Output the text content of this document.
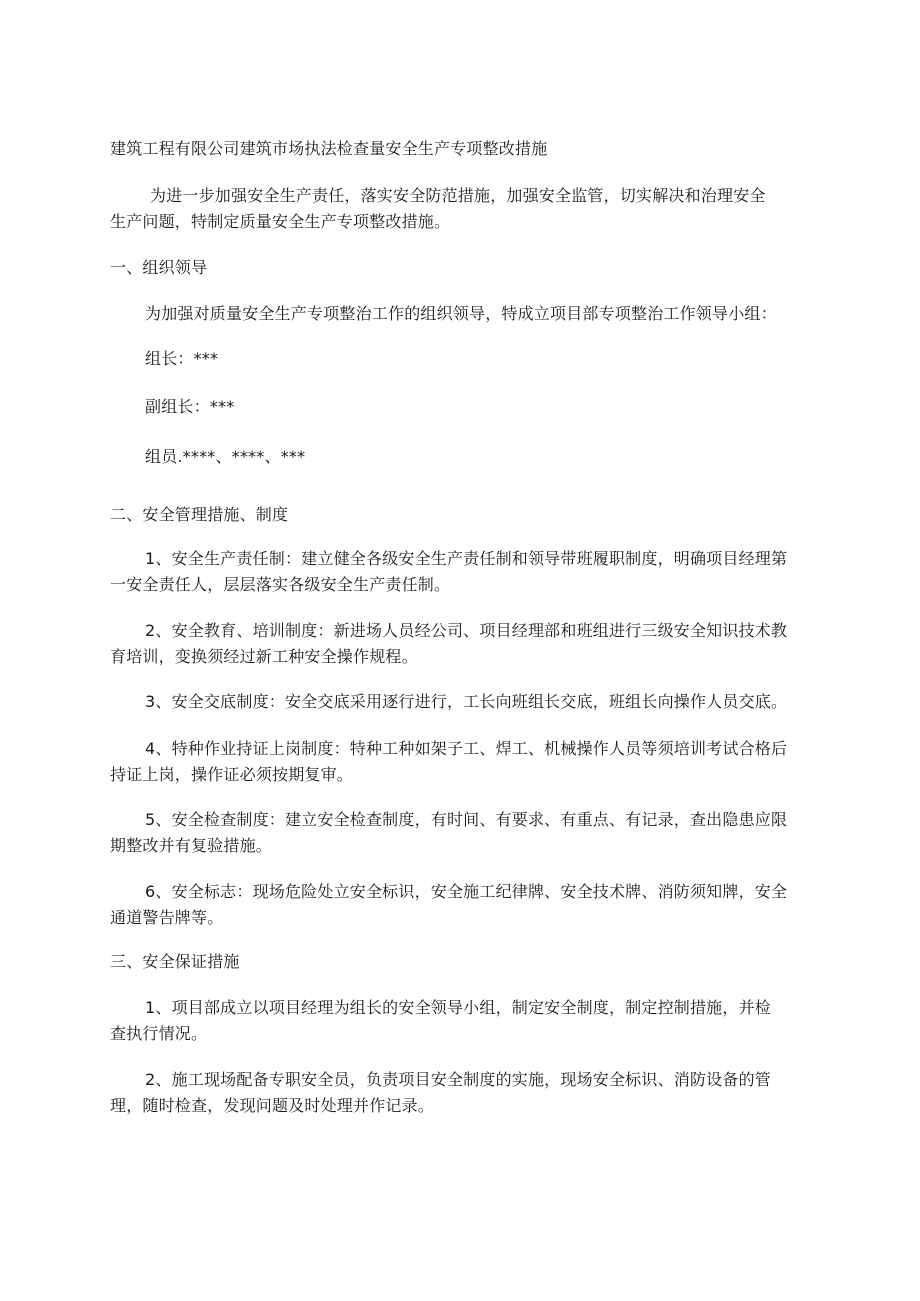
建筑工程有限公司建筑市场执法检查量安全生产专项整改措施
为进一步加强安全生产责任，落实安全防范措施，加强安全监管，切实解决和治理安全
生产问题，特制定质量安全生产专项整改措施。
一、组织领导
为加强对质量安全生产专项整治工作的组织领导，特成立项目部专项整治工作领导小组：
组长：***
副组长：***
组员.****、****、***
二、安全管理措施、制度
1、安全生产责任制：建立健全各级安全生产责任制和领导带班履职制度，明确项目经理第
一安全责任人，层层落实各级安全生产责任制。
2、安全教育、培训制度：新进场人员经公司、项目经理部和班组进行三级安全知识技术教
育培训，变换须经过新工种安全操作规程。
3、安全交底制度：安全交底采用逐行进行，工长向班组长交底，班组长向操作人员交底。
4、特种作业持证上岗制度：特种工种如架子工、焊工、机械操作人员等须培训考试合格后
持证上岗，操作证必须按期复审。
5、安全检查制度：建立安全检查制度，有时间、有要求、有重点、有记录，查出隐患应限
期整改并有复验措施。
6、安全标志：现场危险处立安全标识，安全施工纪律牌、安全技术牌、消防须知牌，安全
通道警告牌等。
三、安全保证措施
1、项目部成立以项目经理为组长的安全领导小组，制定安全制度，制定控制措施，并检
查执行情况。
2、施工现场配备专职安全员，负责项目安全制度的实施，现场安全标识、消防设备的管
理，随时检查，发现问题及时处理并作记录。
